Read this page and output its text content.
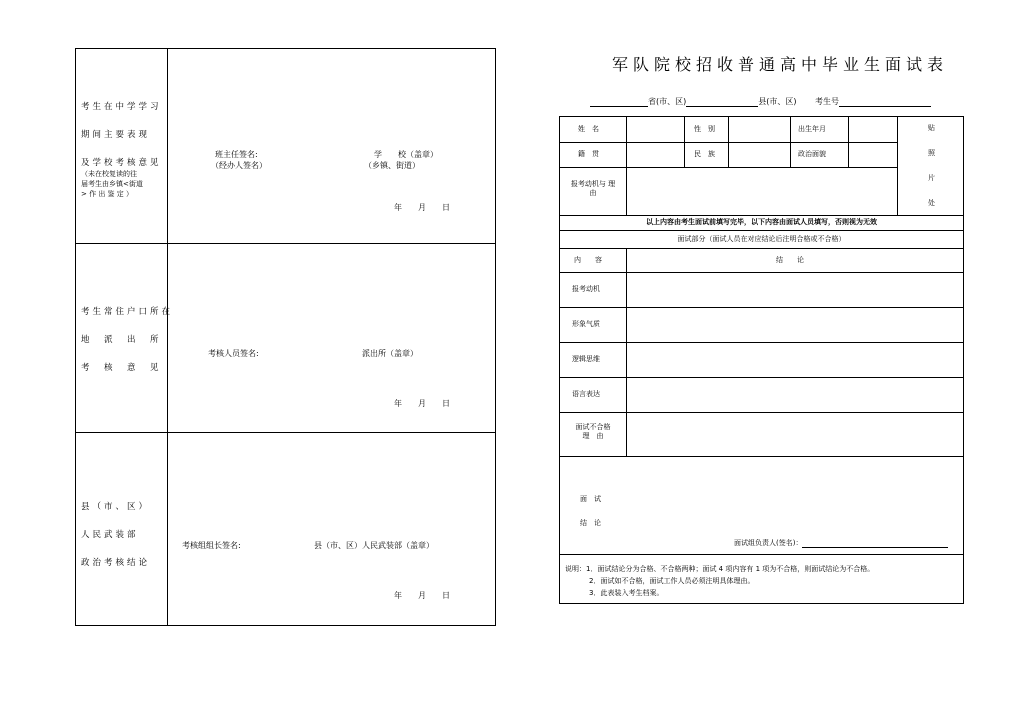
考生在中学学习
期间主要表现
及学校考核意见
（未在校复读的往
届考生由乡镇<街道
> 作 出 鉴 定 ）
班主任签名:
（经办人签名）
学　　校（盖章）
（乡镇、街道）
年　　月　　日
考生常住户口所在
地　派　出　所
考　核　意　见
考核人员签名:	派出所（盖章）
年　　月　　日
县（市、区）
人民武装部
政治考核结论
考核组组长签名:	县（市、区）人民武装部（盖章）
年　　月　　日
军队院校招收普通高中毕业生面试表
省(市、区)	县(市、区) 考生号
姓　名	性　别	出生年月
籍　贯	民　族	政治面貌
贴
照
片
处
报考动机与 理
由
以上内容由考生面试前填写完毕，以下内容由面试人员填写，否则视为无效
面试部分（面试人员在对应结论后注明合格或不合格）
内　　容	结　　论
报考动机
形象气质
逻辑思维
语言表达
面试不合格
理　由
面　试
结　论
面试组负责人(签名)：
说明：1．面试结论分为合格、不合格两种；面试 4 项内容有 1 项为不合格，则面试结论为不合格。
2．面试如不合格，面试工作人员必须注明具体理由。
3．此表装入考生档案。
